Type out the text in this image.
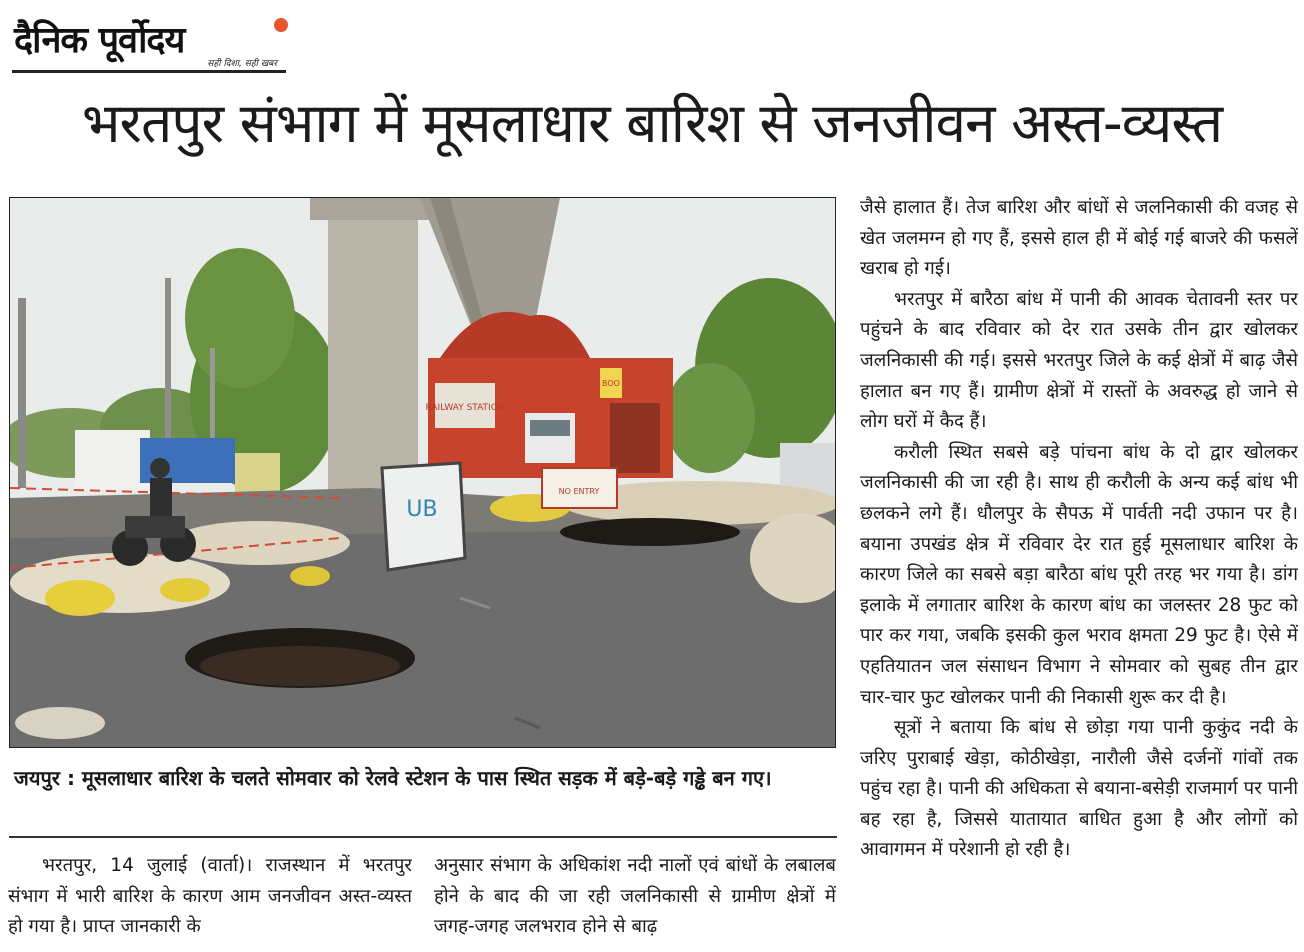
दैनिक पूर्वोदय
सही दिशा, सही खबर
भरतपुर संभाग में मूसलाधार बारिश से जनजीवन अस्त-व्यस्त
RAILWAY STATION
BOO
UB
NO ENTRY
जयपुर : मूसलाधार बारिश के चलते सोमवार को रेलवे स्टेशन के पास स्थित सड़क में बड़े-बड़े गड्ढे बन गए।

भरतपुर, 14 जुलाई (वार्ता)। राजस्थान में भरतपुर संभाग में भारी बारिश के कारण आम जनजीवन अस्त-व्यस्त हो गया है। प्राप्त जानकारी के

अनुसार संभाग के अधिकांश नदी नालों एवं बांधों के लबालब होने के बाद की जा रही जलनिकासी से ग्रामीण क्षेत्रों में जगह-जगह जलभराव होने से बाढ़

जैसे हालात हैं। तेज बारिश और बांधों से जलनिकासी की वजह से खेत जलमग्न हो गए हैं, इससे हाल ही में बोई गई बाजरे की फसलें खराब हो गई।

भरतपुर में बारैठा बांध में पानी की आवक चेतावनी स्तर पर पहुंचने के बाद रविवार को देर रात उसके तीन द्वार खोलकर जलनिकासी की गई। इससे भरतपुर जिले के कई क्षेत्रों में बाढ़ जैसे हालात बन गए हैं। ग्रामीण क्षेत्रों में रास्तों के अवरुद्ध हो जाने से लोग घरों में कैद हैं।

करौली स्थित सबसे बड़े पांचना बांध के दो द्वार खोलकर जलनिकासी की जा रही है। साथ ही करौली के अन्य कई बांध भी छलकने लगे हैं। धौलपुर के सैपऊ में पार्वती नदी उफान पर है। बयाना उपखंड क्षेत्र में रविवार देर रात हुई मूसलाधार बारिश के कारण जिले का सबसे बड़ा बारैठा बांध पूरी तरह भर गया है। डांग इलाके में लगातार बारिश के कारण बांध का जलस्तर 28 फुट को पार कर गया, जबकि इसकी कुल भराव क्षमता 29 फुट है। ऐसे में एहतियातन जल संसाधन विभाग ने सोमवार को सुबह तीन द्वार चार-चार फुट खोलकर पानी की निकासी शुरू कर दी है।

सूत्रों ने बताया कि बांध से छोड़ा गया पानी कुकुंद नदी के जरिए पुराबाई खेड़ा, कोठीखेड़ा, नारौली जैसे दर्जनों गांवों तक पहुंच रहा है। पानी की अधिकता से बयाना-बसेड़ी राजमार्ग पर पानी बह रहा है, जिससे यातायात बाधित हुआ है और लोगों को आवागमन में परेशानी हो रही है।
